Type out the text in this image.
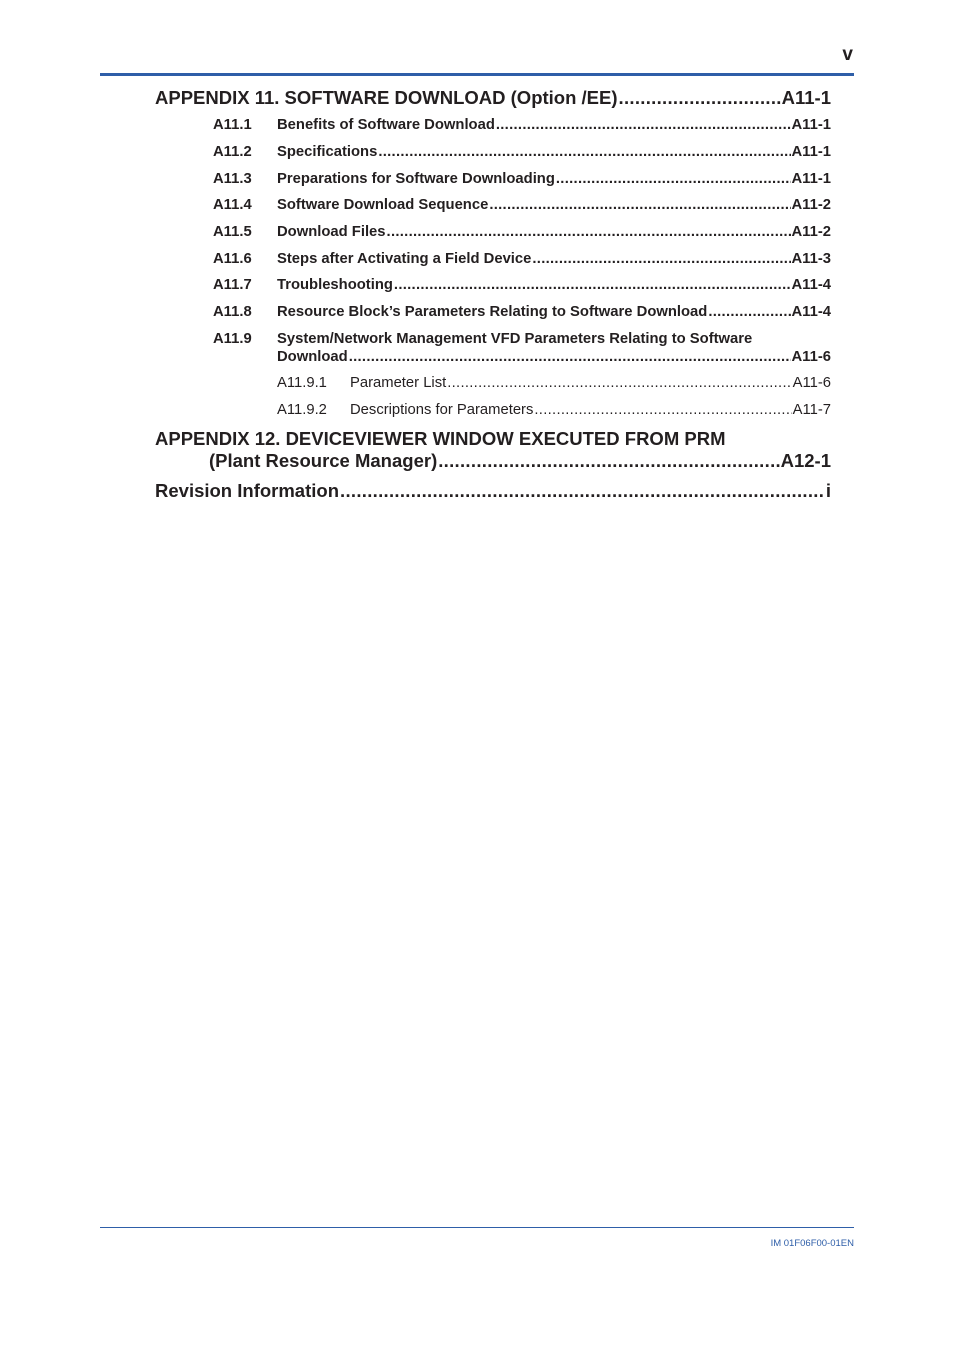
v
APPENDIX 11. SOFTWARE DOWNLOAD (Option /EE) .....	A11-1
A11.1	Benefits of Software Download .....	A11-1
A11.2	Specifications .....	A11-1
A11.3	Preparations for Software Downloading .....	A11-1
A11.4	Software Download Sequence .....	A11-2
A11.5	Download Files .....	A11-2
A11.6	Steps after Activating a Field Device .....	A11-3
A11.7	Troubleshooting .....	A11-4
A11.8	Resource Block’s Parameters Relating to Software Download .....	A11-4
A11.9	System/Network Management VFD Parameters Relating to Software
Download .....	A11-6
A11.9.1	Parameter List .....	A11-6
A11.9.2	Descriptions for Parameters .....	A11-7
APPENDIX 12. DEVICEVIEWER WINDOW EXECUTED FROM PRM
(Plant Resource Manager) .....	A12-1
Revision Information .....	i
IM 01F06F00-01EN
